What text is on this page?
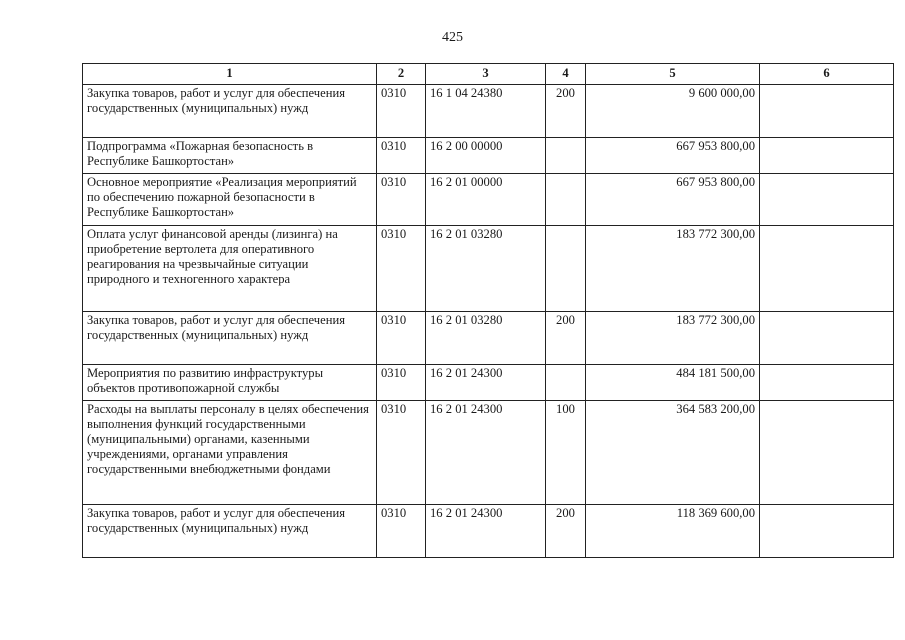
425
1	2	3	4	5	6
Закупка товаров, работ и услуг для обеспечения государственных (муниципальных) нужд	0310	16 1 04 24380	200	9 600 000,00	
Подпрограмма «Пожарная безопасность в Республике Башкортостан»	0310	16 2 00 00000		667 953 800,00	
Основное мероприятие «Реализация мероприятий по обеспечению пожарной безопасности в Республике Башкортостан»	0310	16 2 01 00000		667 953 800,00	
Оплата услуг финансовой аренды (лизинга) на приобретение вертолета для оперативного реагирования на чрезвычайные ситуации природного и техногенного характера	0310	16 2 01 03280		183 772 300,00	
Закупка товаров, работ и услуг для обеспечения государственных (муниципальных) нужд	0310	16 2 01 03280	200	183 772 300,00	
Мероприятия по развитию инфраструктуры объектов противопожарной службы	0310	16 2 01 24300		484 181 500,00	
Расходы на выплаты персоналу в целях обеспечения выполнения функций государственными (муниципальными) органами, казенными учреждениями, органами управления государственными внебюджетными фондами	0310	16 2 01 24300	100	364 583 200,00	
Закупка товаров, работ и услуг для обеспечения государственных (муниципальных) нужд	0310	16 2 01 24300	200	118 369 600,00	
